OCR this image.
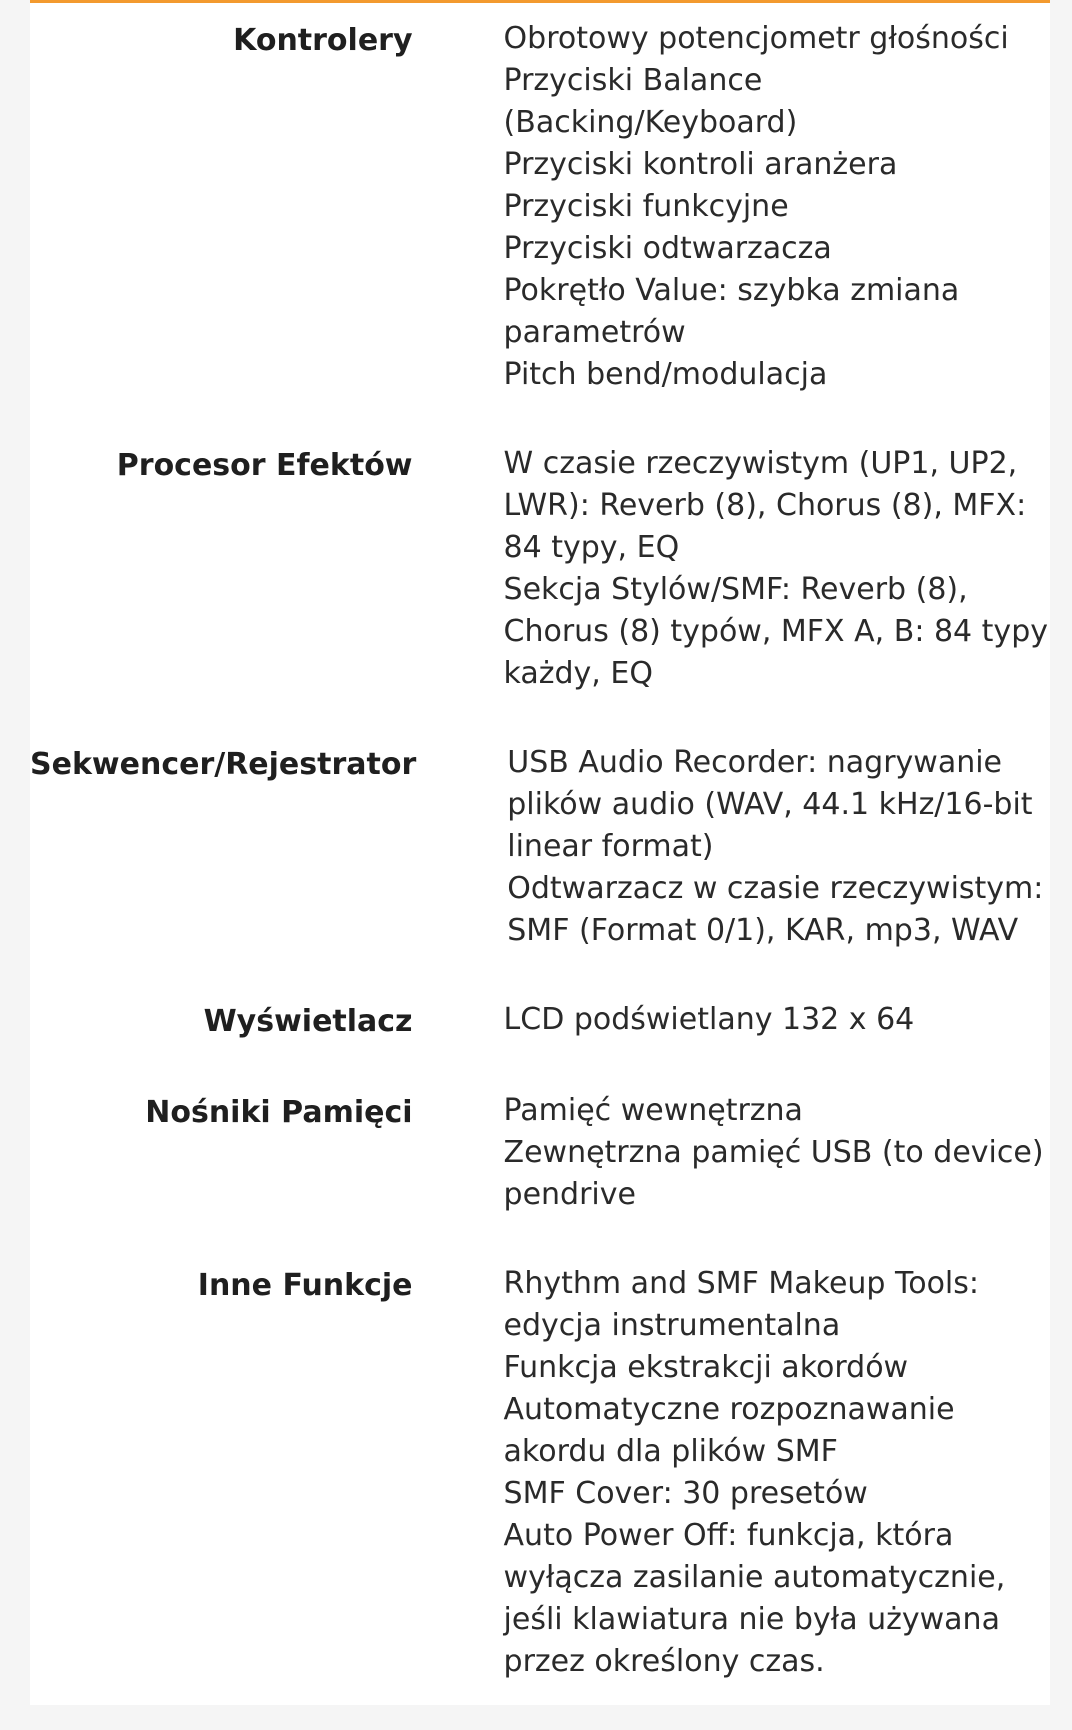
Kontrolery	Obrotowy potencjometr głośności
Przyciski Balance
(Backing/Keyboard)
Przyciski kontroli aranżera
Przyciski funkcyjne
Przyciski odtwarzacza
Pokrętło Value: szybka zmiana
parametrów
Pitch bend/modulacja
Procesor Efektów	W czasie rzeczywistym (UP1, UP2,
LWR): Reverb (8), Chorus (8), MFX:
84 typy, EQ
Sekcja Stylów/SMF: Reverb (8),
Chorus (8) typów, MFX A, B: 84 typy
każdy, EQ
Sekwencer/Rejestrator	USB Audio Recorder: nagrywanie
plików audio (WAV, 44.1 kHz/16-bit
linear format)
Odtwarzacz w czasie rzeczywistym:
SMF (Format 0/1), KAR, mp3, WAV
Wyświetlacz	LCD podświetlany 132 x 64
Nośniki Pamięci	Pamięć wewnętrzna
Zewnętrzna pamięć USB (to device)
pendrive
Inne Funkcje	Rhythm and SMF Makeup Tools:
edycja instrumentalna
Funkcja ekstrakcji akordów
Automatyczne rozpoznawanie
akordu dla plików SMF
SMF Cover: 30 presetów
Auto Power Off: funkcja, która
wyłącza zasilanie automatycznie,
jeśli klawiatura nie była używana
przez określony czas.
